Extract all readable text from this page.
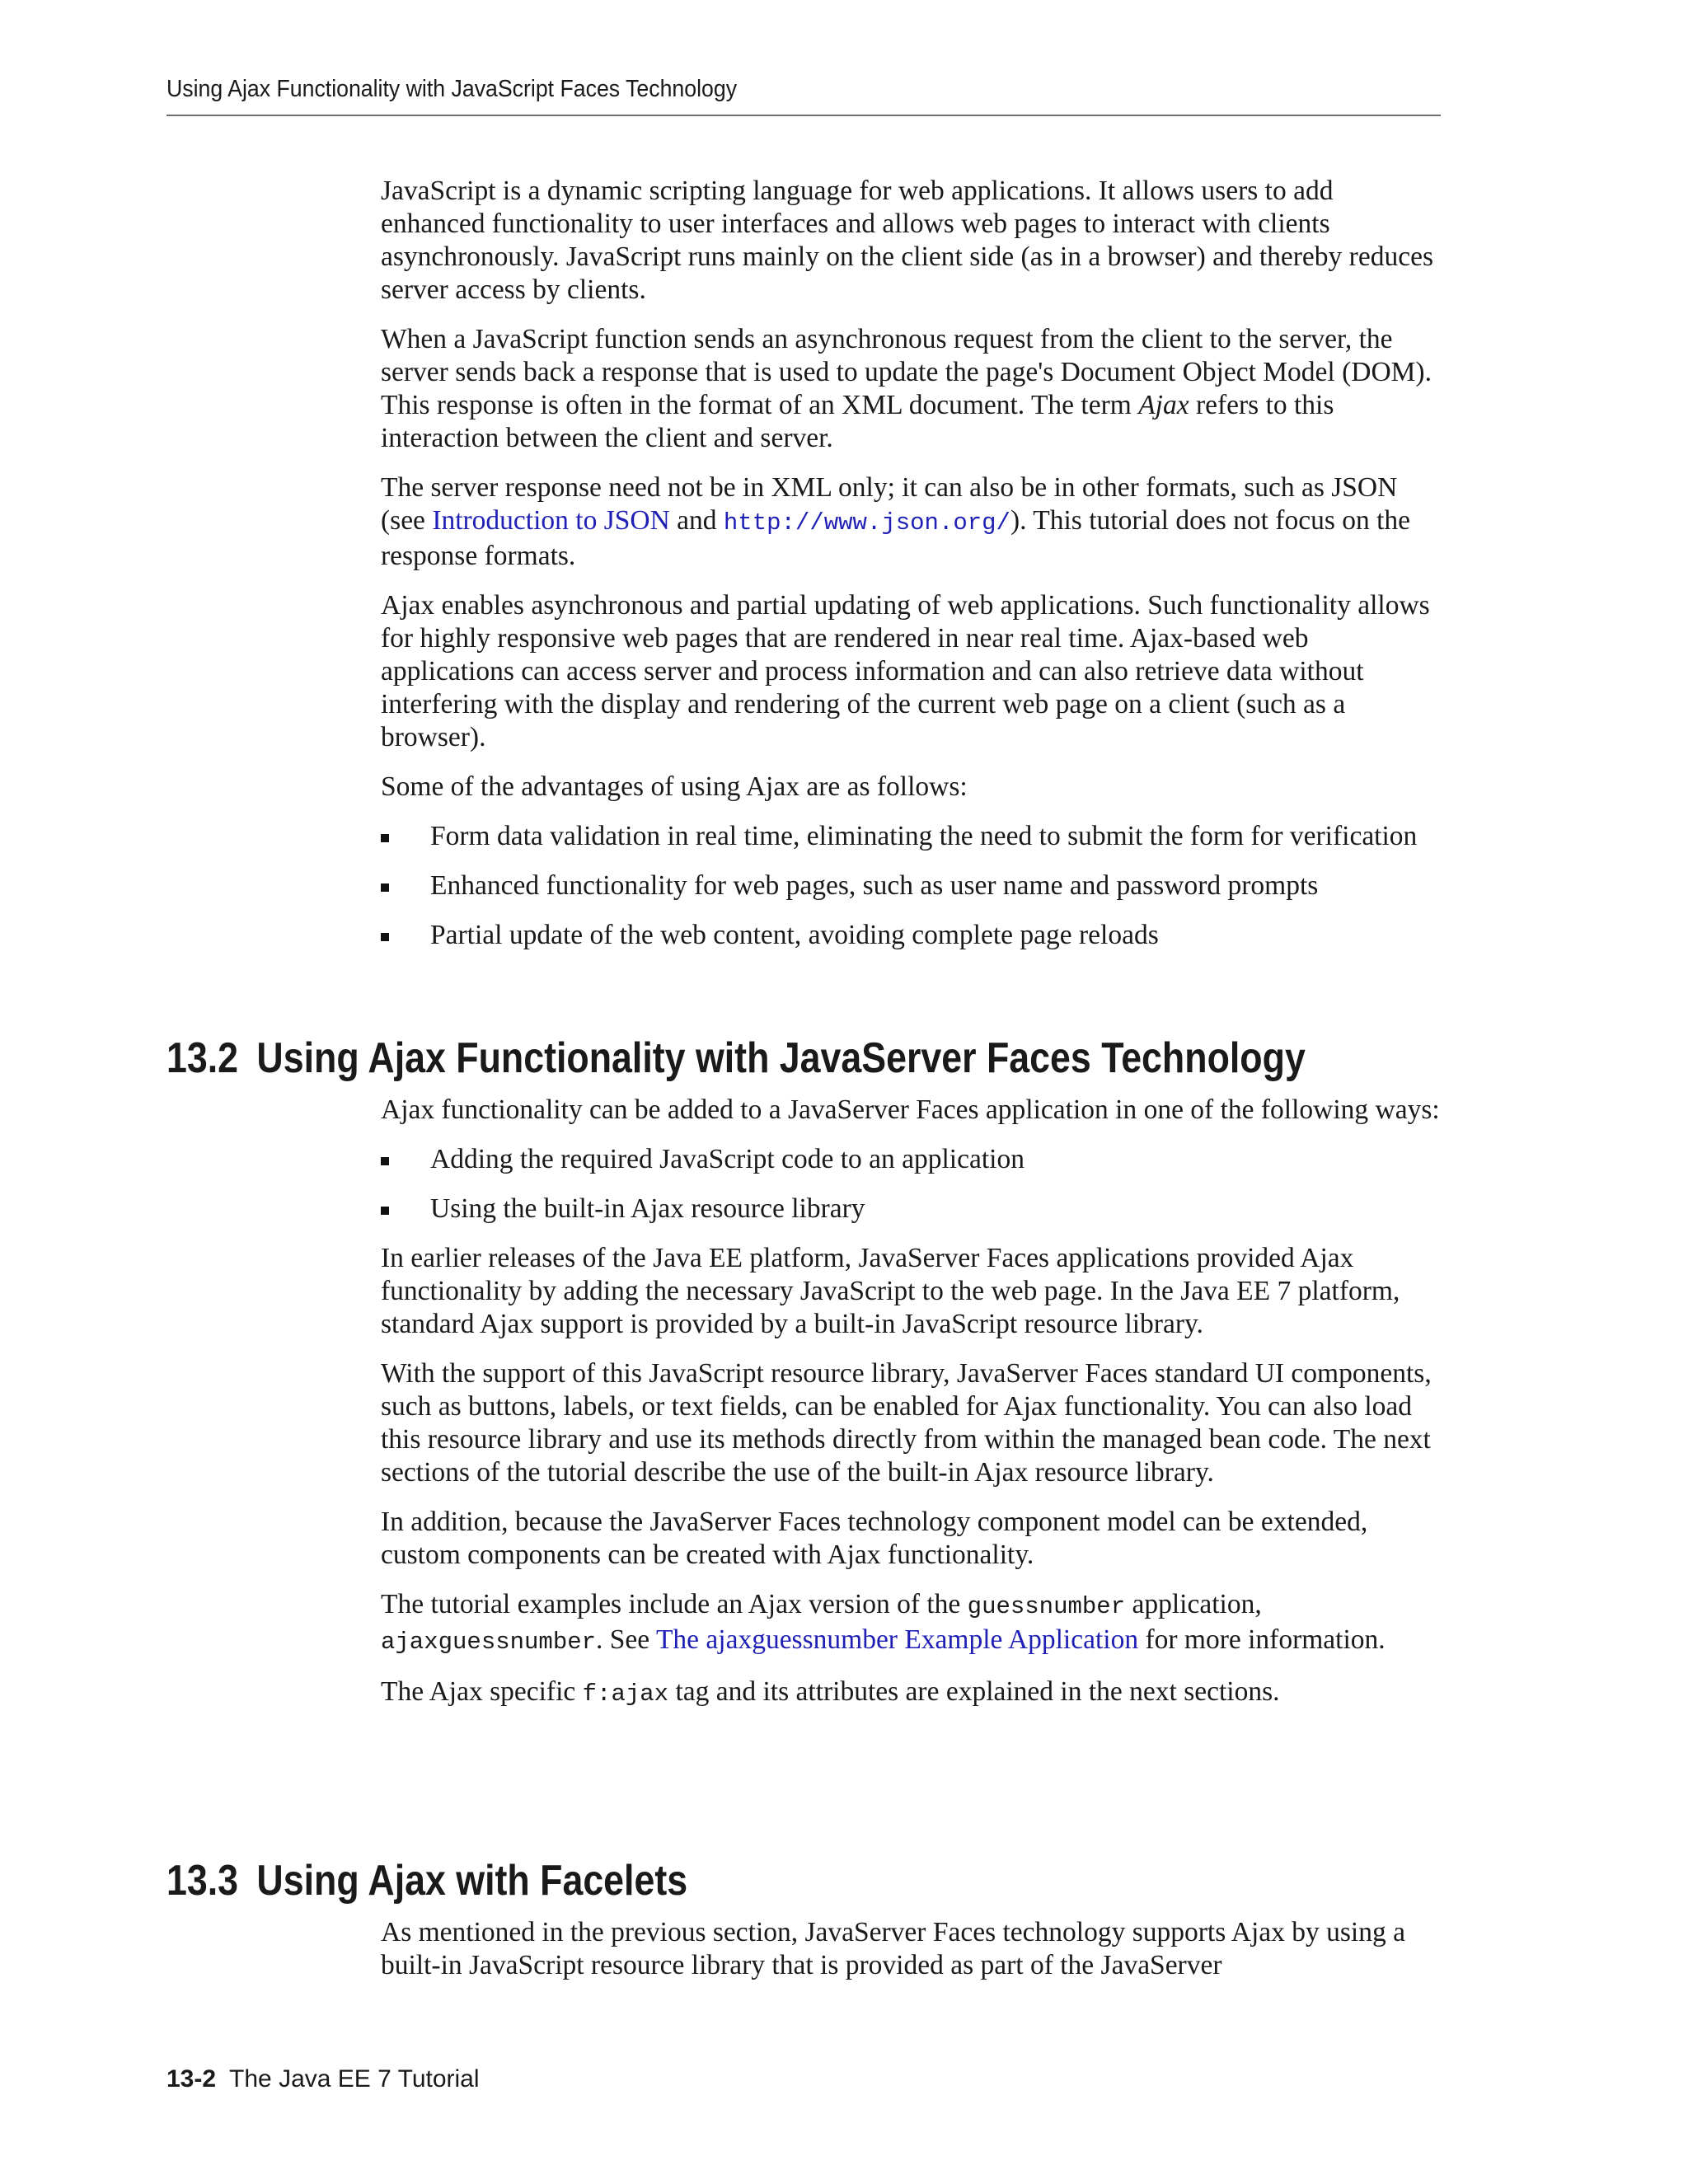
Using Ajax Functionality with JavaScript Faces Technology

JavaScript is a dynamic scripting language for web applications. It allows users to add enhanced functionality to user interfaces and allows web pages to interact with clients asynchronously. JavaScript runs mainly on the client side (as in a browser) and thereby reduces server access by clients.

When a JavaScript function sends an asynchronous request from the client to the server, the server sends back a response that is used to update the page's Document Object Model (DOM). This response is often in the format of an XML document. The term Ajax refers to this interaction between the client and server.

The server response need not be in XML only; it can also be in other formats, such as JSON (see Introduction to JSON and http://www.json.org/). This tutorial does not focus on the response formats.

Ajax enables asynchronous and partial updating of web applications. Such functionality allows for highly responsive web pages that are rendered in near real time. Ajax-based web applications can access server and process information and can also retrieve data without interfering with the display and rendering of the current web page on a client (such as a browser).

Some of the advantages of using Ajax are as follows:

Form data validation in real time, eliminating the need to submit the form for verification
Enhanced functionality for web pages, such as user name and password prompts
Partial update of the web content, avoiding complete page reloads
13.2 Using Ajax Functionality with JavaServer Faces Technology

Ajax functionality can be added to a JavaServer Faces application in one of the following ways:

Adding the required JavaScript code to an application
Using the built-in Ajax resource library

In earlier releases of the Java EE platform, JavaServer Faces applications provided Ajax functionality by adding the necessary JavaScript to the web page. In the Java EE 7 platform, standard Ajax support is provided by a built-in JavaScript resource library.

With the support of this JavaScript resource library, JavaServer Faces standard UI components, such as buttons, labels, or text fields, can be enabled for Ajax functionality. You can also load this resource library and use its methods directly from within the managed bean code. The next sections of the tutorial describe the use of the built-in Ajax resource library.

In addition, because the JavaServer Faces technology component model can be extended, custom components can be created with Ajax functionality.

The tutorial examples include an Ajax version of the guessnumber application, ajaxguessnumber. See The ajaxguessnumber Example Application for more information.

The Ajax specific f:ajax tag and its attributes are explained in the next sections.

13.3 Using Ajax with Facelets

As mentioned in the previous section, JavaServer Faces technology supports Ajax by using a built-in JavaScript resource library that is provided as part of the JavaServer

13-2 The Java EE 7 Tutorial
